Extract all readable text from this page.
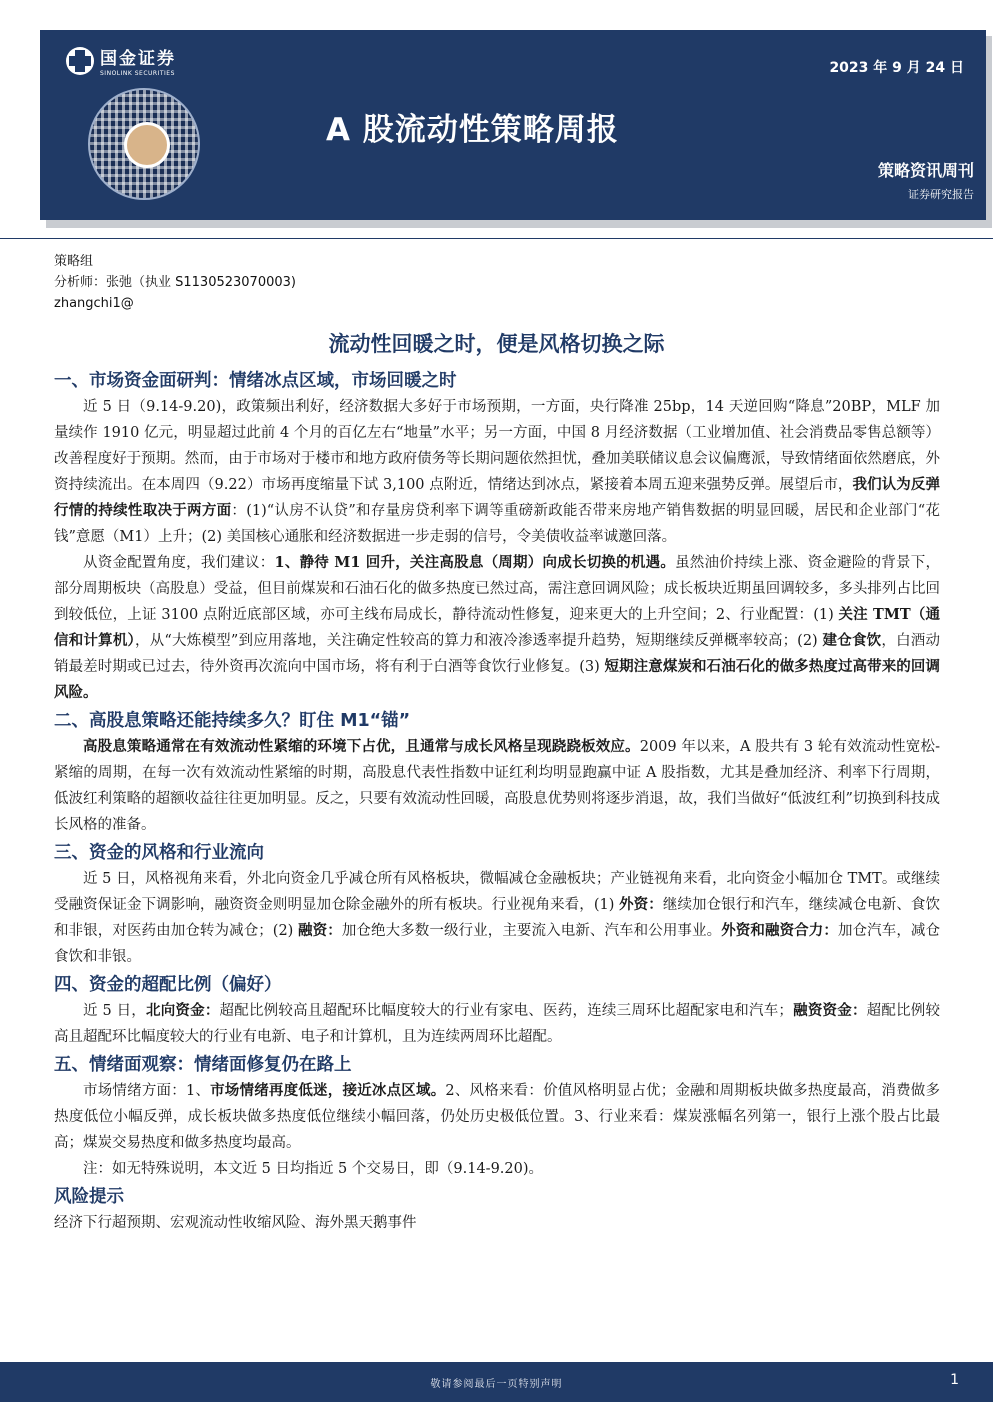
国金证券
SINOLINK SECURITIES	2023 年 9 月 24 日
A 股流动性策略周报
策略资讯周刊
证券研究报告
策略组
分析师：张弛（执业 S1130523070003)
zhangchi1@
流动性回暖之时，便是风格切换之际
一、市场资金面研判：情绪冰点区域，市场回暖之时

近 5 日（9.14-9.20)，政策频出利好，经济数据大多好于市场预期，一方面，央行降准 25bp，14 天逆回购“降息”20BP，MLF 加量续作 1910 亿元，明显超过此前 4 个月的百亿左右“地量”水平；另一方面，中国 8 月经济数据（工业增加值、社会消费品零售总额等）改善程度好于预期。然而，由于市场对于楼市和地方政府债务等长期问题依然担忧，叠加美联储议息会议偏鹰派，导致情绪面依然磨底，外资持续流出。在本周四（9.22）市场再度缩量下试 3,100 点附近，情绪达到冰点，紧接着本周五迎来强势反弹。展望后市，我们认为反弹行情的持续性取决于两方面：(1)“认房不认贷”和存量房贷利率下调等重磅新政能否带来房地产销售数据的明显回暖，居民和企业部门“花钱”意愿（M1）上升；(2) 美国核心通胀和经济数据进一步走弱的信号，令美债收益率诚邀回落。

从资金配置角度，我们建议：1、静待 M1 回升，关注高股息（周期）向成长切换的机遇。虽然油价持续上涨、资金避险的背景下，部分周期板块（高股息）受益，但目前煤炭和石油石化的做多热度已然过高，需注意回调风险；成长板块近期虽回调较多，多头排列占比回到较低位，上证 3100 点附近底部区域，亦可主线布局成长，静待流动性修复，迎来更大的上升空间；2、行业配置：(1) 关注 TMT（通信和计算机），从“大炼模型”到应用落地，关注确定性较高的算力和液冷渗透率提升趋势，短期继续反弹概率较高；(2) 建仓食饮，白酒动销最差时期或已过去，待外资再次流向中国市场，将有利于白酒等食饮行业修复。(3) 短期注意煤炭和石油石化的做多热度过高带来的回调风险。

二、高股息策略还能持续多久？盯住 M1“锚”

高股息策略通常在有效流动性紧缩的环境下占优，且通常与成长风格呈现跷跷板效应。2009 年以来，A 股共有 3 轮有效流动性宽松-紧缩的周期，在每一次有效流动性紧缩的时期，高股息代表性指数中证红利均明显跑赢中证 A 股指数，尤其是叠加经济、利率下行周期，低波红利策略的超额收益往往更加明显。反之，只要有效流动性回暖，高股息优势则将逐步消退，故，我们当做好“低波红利”切换到科技成长风格的准备。

三、资金的风格和行业流向

近 5 日，风格视角来看，外北向资金几乎减仓所有风格板块，微幅减仓金融板块；产业链视角来看，北向资金小幅加仓 TMT。或继续受融资保证金下调影响，融资资金则明显加仓除金融外的所有板块。行业视角来看，(1) 外资：继续加仓银行和汽车，继续减仓电新、食饮和非银，对医药由加仓转为减仓；(2) 融资：加仓绝大多数一级行业，主要流入电新、汽车和公用事业。外资和融资合力：加仓汽车，减仓食饮和非银。

四、资金的超配比例（偏好）

近 5 日，北向资金：超配比例较高且超配环比幅度较大的行业有家电、医药，连续三周环比超配家电和汽车；融资资金：超配比例较高且超配环比幅度较大的行业有电新、电子和计算机，且为连续两周环比超配。

五、情绪面观察：情绪面修复仍在路上

市场情绪方面：1、市场情绪再度低迷，接近冰点区域。2、风格来看：价值风格明显占优；金融和周期板块做多热度最高，消费做多热度低位小幅反弹，成长板块做多热度低位继续小幅回落，仍处历史极低位置。3、行业来看：煤炭涨幅名列第一，银行上涨个股占比最高；煤炭交易热度和做多热度均最高。

注：如无特殊说明，本文近 5 日均指近 5 个交易日，即（9.14-9.20)。

风险提示

经济下行超预期、宏观流动性收缩风险、海外黑天鹅事件

敬请参阅最后一页特别声明	1
